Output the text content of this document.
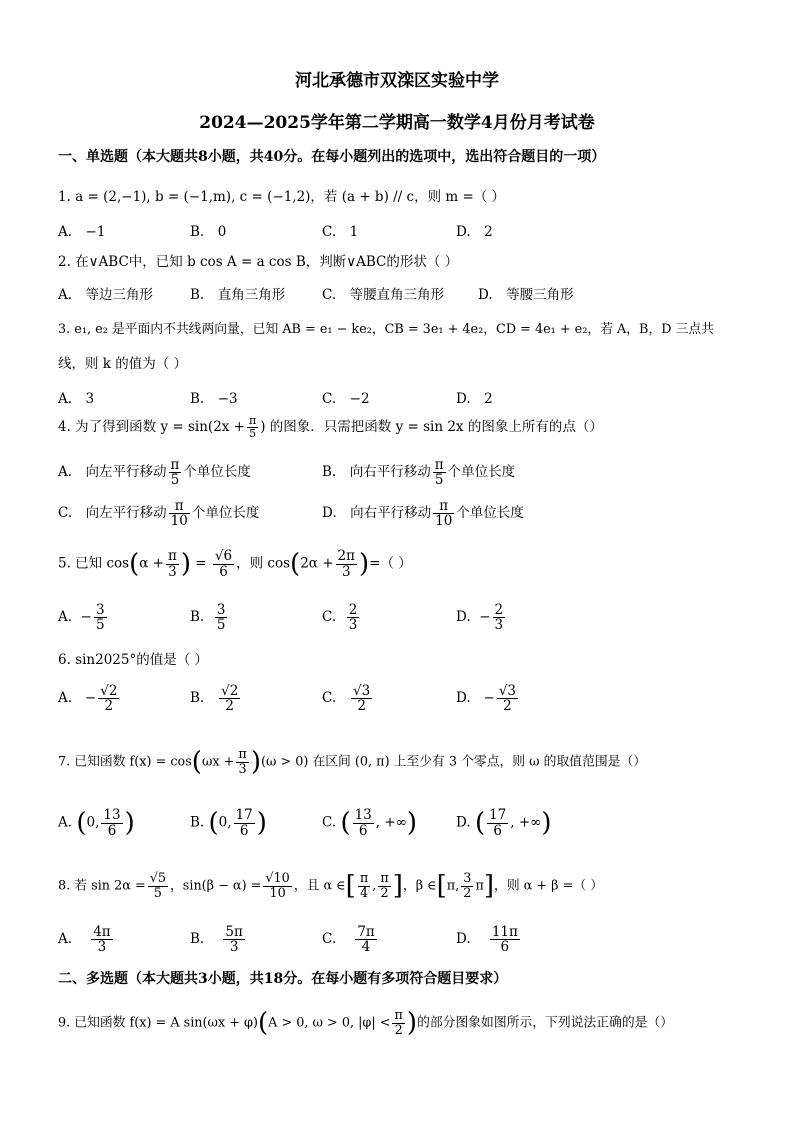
河北承德市双滦区实验中学
2024—2025学年第二学期高一数学4月份月考试卷
一、单选题（本大题共8小题，共40分。在每小题列出的选项中，选出符合题目的一项）
1. a = (2,−1), b = (−1,m), c = (−1,2)，若 (a + b) // c，则 m =（ ）
A.　−1	B.　0	C.　1	D.　2
2. 在∨ABC中，已知 b cos A = a cos B，判断∨ABC的形状（ ）
A.　等边三角形	B.　直角三角形	C.　等腰直角三角形	D.　等腰三角形
3. e₁, e₂ 是平面内不共线两向量，已知 AB = e₁ − ke₂，CB = 3e₁ + 4e₂，CD = 4e₁ + e₂，若 A，B，D 三点共
线，则 k 的值为（ ）
A.　3	B.　−3	C.　−2	D.　2
4. 为了得到函数 $y = \sin(2x + \frac{\pi}{5}$ ) 的图象．只需把函数 y = sin 2x 的图象上所有的点（）
A.　向左平行移动 $\frac{\pi}{5}$ 个单位长度	B.　向右平行移动 $\frac{\pi}{5}$ 个单位长度
C.　向左平行移动 $\frac{\pi}{10}$ 个单位长度	D.　向右平行移动 $\frac{\pi}{10}$ 个单位长度
5. 已知 $\cos(\alpha + \frac{\pi}{3}$ ) = $\frac{√6}{6}$ ，则 $\cos(2\alpha + \frac{2\pi}{3}$ )=（ ）
A. − $\frac{3}{5}$	B. $\frac{3}{5}$	C. $\frac{2}{3}$	D. − $\frac{2}{3}$
6. sin2025°的值是（ ）
A. − $\frac{√2}{2}$	B. $\frac{√2}{2}$	C. $\frac{√3}{2}$	D. − $\frac{√3}{2}$
7. 已知函数 $f(x) = \cos(\omega x + \frac{\pi}{3} )(\omega > 0)$ 在区间 (0, π) 上至少有 3 个零点，则 ω 的取值范围是（）
A. (0, $\frac{13}{6}$ )	B. (0, $\frac{17}{6}$ )	C. ( $\frac{13}{6}$ , +∞)	D. ( $\frac{17}{6}$ , +∞)
8. 若 $\sin 2\alpha = \frac{√5}{5}$ ，$\sin(\beta - \alpha) = \frac{√10}{10}$ ，且 α ∈[ $\frac{\pi}{4}$ , $\frac{\pi}{2}$ ]，β ∈[π, $\frac{3}{2} \pi$]，则 α + β =（ ）
A. $\frac{4\pi}{3}$	B. $\frac{5\pi}{3}$	C. $\frac{7\pi}{4}$	D. $\frac{11\pi}{6}$
二、多选题（本大题共3小题，共18分。在每小题有多项符合题目要求）
9. 已知函数 f(x) = A sin(ωx + φ)(A > 0, ω > 0, $|\varphi| < \frac{\pi}{2}$ )的部分图象如图所示，下列说法正确的是（）
